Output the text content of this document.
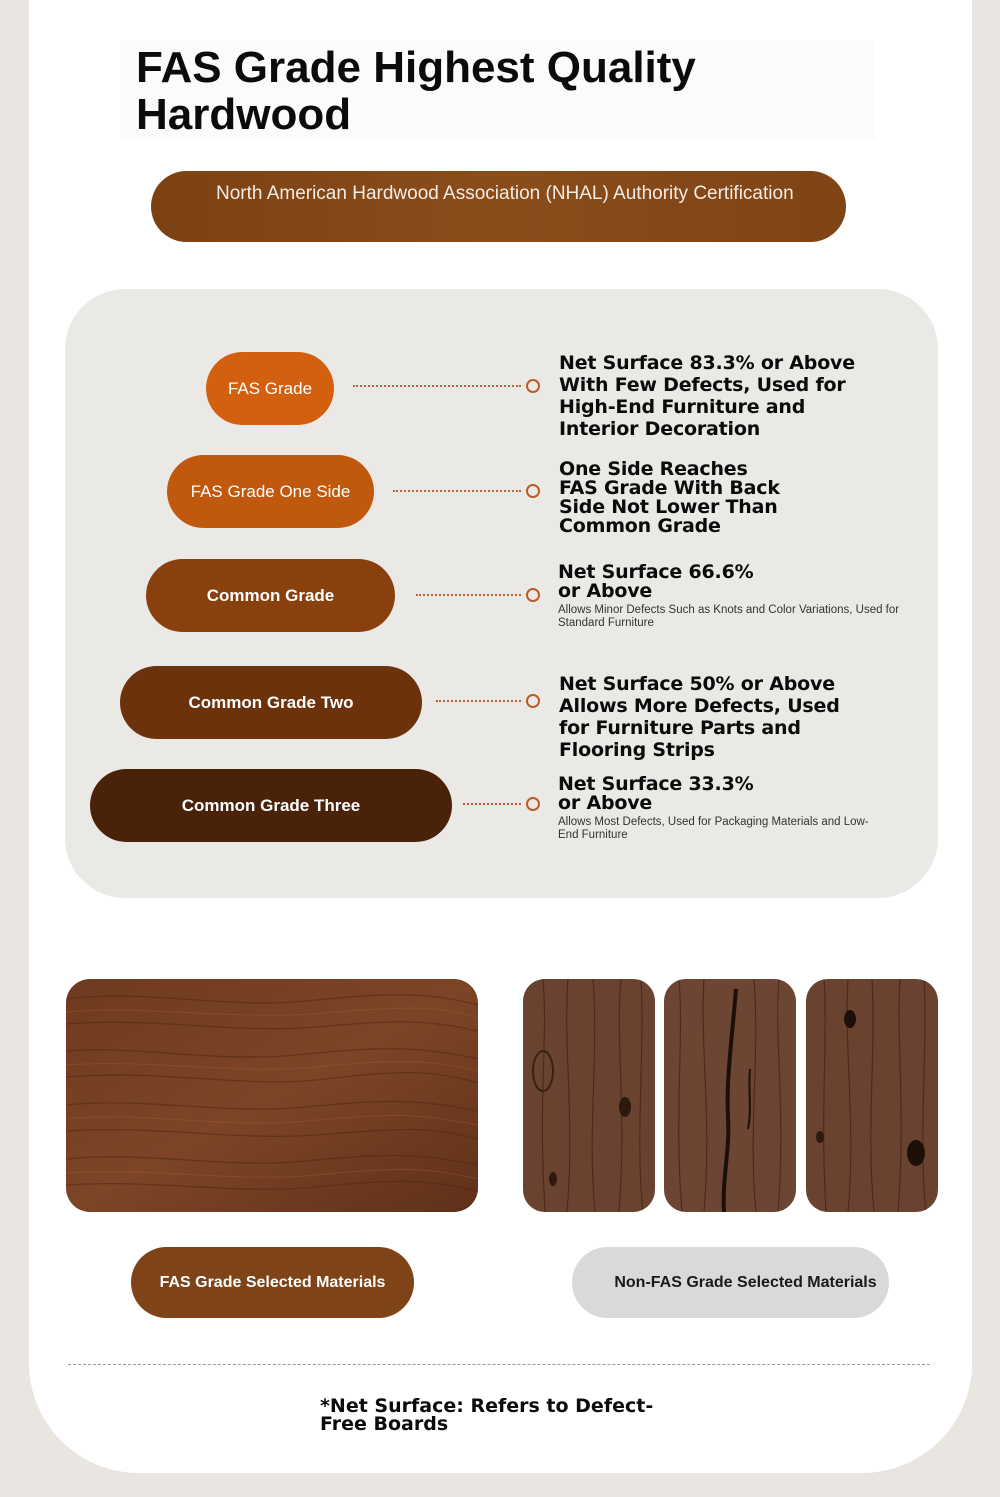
FAS Grade Highest Quality Hardwood
North American Hardwood Association (NHAL) Authority Certification
FAS Grade
Net Surface 83.3% or Above With Few Defects, Used for High-End Furniture and Interior Decoration
FAS Grade One Side
One Side Reaches FAS Grade With Back Side Not Lower Than Common Grade
Common Grade
Net Surface 66.6% or Above
Allows Minor Defects Such as Knots and Color Variations, Used for Standard Furniture
Common Grade Two
Net Surface 50% or Above Allows More Defects, Used for Furniture Parts and Flooring Strips
Common Grade Three
Net Surface 33.3% or Above
Allows Most Defects, Used for Packaging Materials and Low-End Furniture
FAS Grade Selected Materials	Non-FAS Grade Selected Materials
*Net Surface: Refers to Defect-Free Boards
